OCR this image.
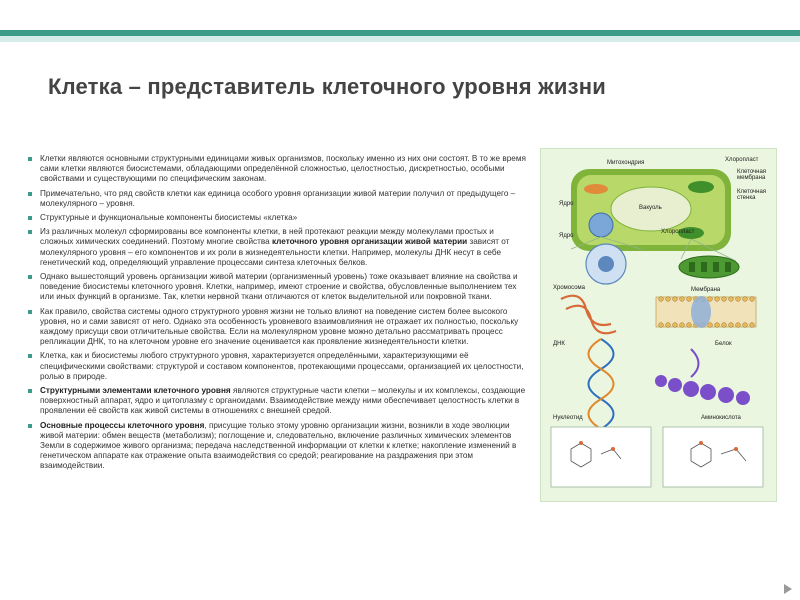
Клетка – представитель клеточного уровня жизни
Клетки являются основными структурными единицами живых организмов, поскольку именно из них они состоят. В то же время сами клетки являются биосистемами, обладающими определённой сложностью, целостностью, дискретностью, особыми свойствами и существующими по специфическим законам.
Примечательно, что ряд свойств клетки как единица особого уровня организации живой материи получил от предыдущего – молекулярного – уровня.
Структурные и функциональные компоненты биосистемы «клетка»
Из различных молекул сформированы все компоненты клетки, в ней протекают реакции между молекулами простых и сложных химических соединений. Поэтому многие свойства клеточного уровня организации живой материи зависят от молекулярного уровня – его компонентов и их роли в жизнедеятельности клетки. Например, молекулы ДНК несут в себе генетический код, определяющий управление процессами синтеза клеточных белков.
Однако вышестоящий уровень организации живой материи (организменный уровень) тоже оказывает влияние на свойства и поведение биосистемы клеточного уровня. Клетки, например, имеют строение и свойства, обусловленные выполнением тех или иных функций в организме. Так, клетки нервной ткани отличаются от клеток выделительной или покровной ткани.
Как правило, свойства системы одного структурного уровня жизни не только влияют на поведение систем более высокого уровня, но и сами зависят от него. Однако эта особенность уровневого взаимовлияния не отражает их полностью, поскольку каждому присущи свои отличительные свойства. Если на молекулярном уровне можно детально рассматривать процесс репликации ДНК, то на клеточном уровне его значение оценивается как проявление жизнедеятельности клетки.
Клетка, как и биосистемы любого структурного уровня, характеризуется определёнными, характеризующими её специфическими свойствами: структурой и составом компонентов, протекающими процессами, организацией их целостности, ролью в природе.
Структурными элементами клеточного уровня являются структурные части клетки – молекулы и их комплексы, создающие поверхностный аппарат, ядро и цитоплазму с органоидами. Взаимодействие между ними обеспечивает целостность клетки в проявлении её свойств как живой системы в отношениях с внешней средой.
Основные процессы клеточного уровня, присущие только этому уровню организации жизни, возникли в ходе эволюции живой материи: обмен веществ (метаболизм); поглощение и, следовательно, включение различных химических элементов Земли в содержимое живого организма; передача наследственной информации от клетки к клетке; накопление изменений в генетическом аппарате как отражение опыта взаимодействия со средой; реагирование на раздражения при этом взаимодействии.
Митохондрия	Хлоропласт
Клеточная мембрана
Вакуоль
Клеточная стенка
Ядро
Ядро
Хлоропласт
Хромосома	Мембрана
ДНК	Белок
Нуклеотид	Аминокислота
